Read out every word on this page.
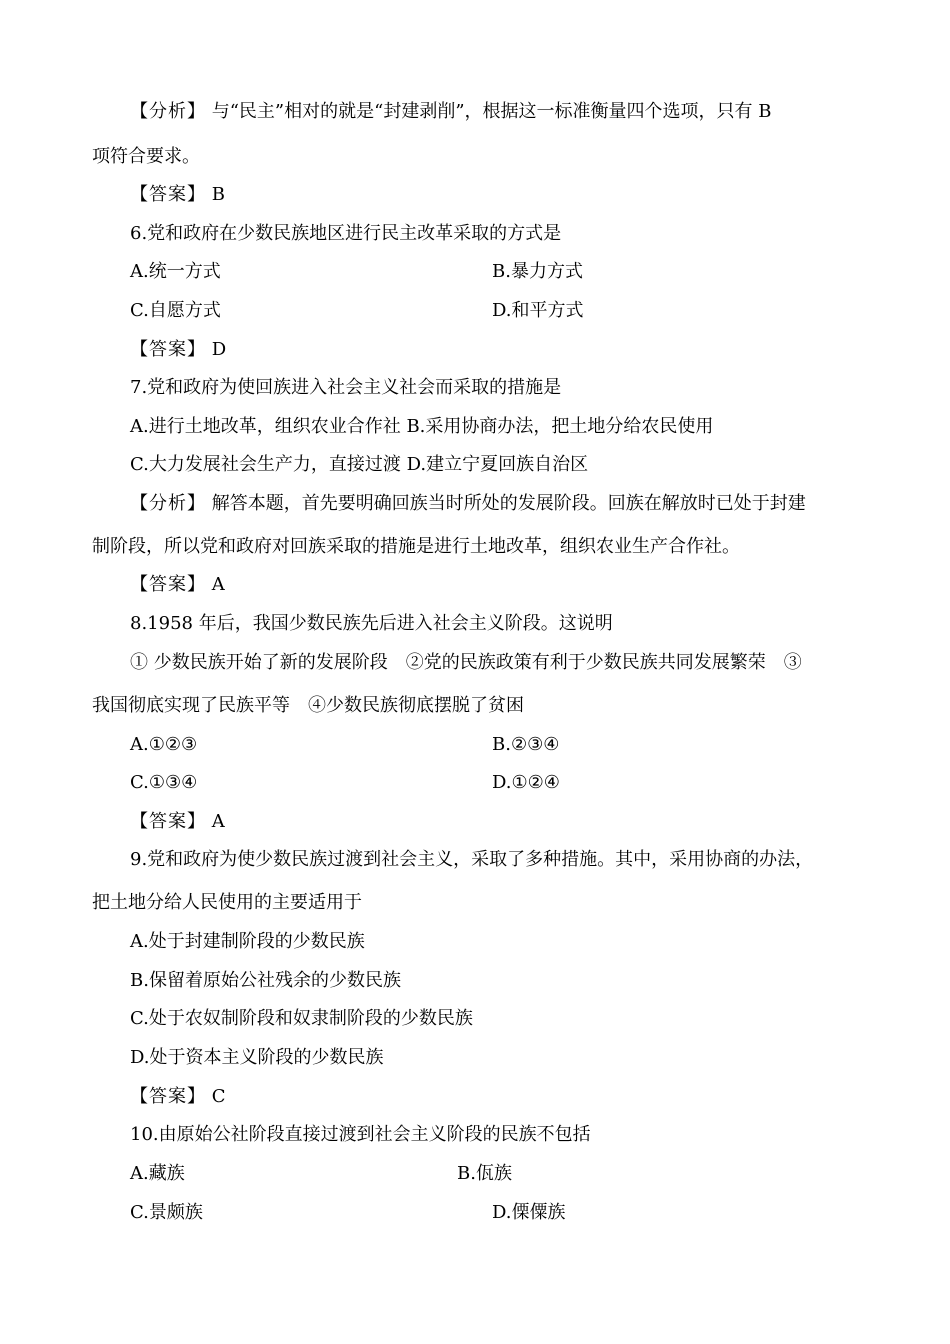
【分析】 与“民主”相对的就是“封建剥削”，根据这一标准衡量四个选项，只有 B
项符合要求。
【答案】 B
6.党和政府在少数民族地区进行民主改革采取的方式是
A.统一方式	B.暴力方式
C.自愿方式	D.和平方式
【答案】 D
7.党和政府为使回族进入社会主义社会而采取的措施是
A.进行土地改革，组织农业合作社 B.采用协商办法，把土地分给农民使用
C.大力发展社会生产力，直接过渡 D.建立宁夏回族自治区
【分析】 解答本题，首先要明确回族当时所处的发展阶段。回族在解放时已处于封建
制阶段，所以党和政府对回族采取的措施是进行土地改革，组织农业生产合作社。
【答案】 A
8.1958 年后，我国少数民族先后进入社会主义阶段。这说明
① 少数民族开始了新的发展阶段　②党的民族政策有利于少数民族共同发展繁荣　③
我国彻底实现了民族平等　④少数民族彻底摆脱了贫困
A.①②③	B.②③④
C.①③④	D.①②④
【答案】 A
9.党和政府为使少数民族过渡到社会主义，采取了多种措施。其中，采用协商的办法，
把土地分给人民使用的主要适用于
A.处于封建制阶段的少数民族
B.保留着原始公社残余的少数民族
C.处于农奴制阶段和奴隶制阶段的少数民族
D.处于资本主义阶段的少数民族
【答案】 C
10.由原始公社阶段直接过渡到社会主义阶段的民族不包括
A.藏族	B.佤族
C.景颇族	D.傈僳族
